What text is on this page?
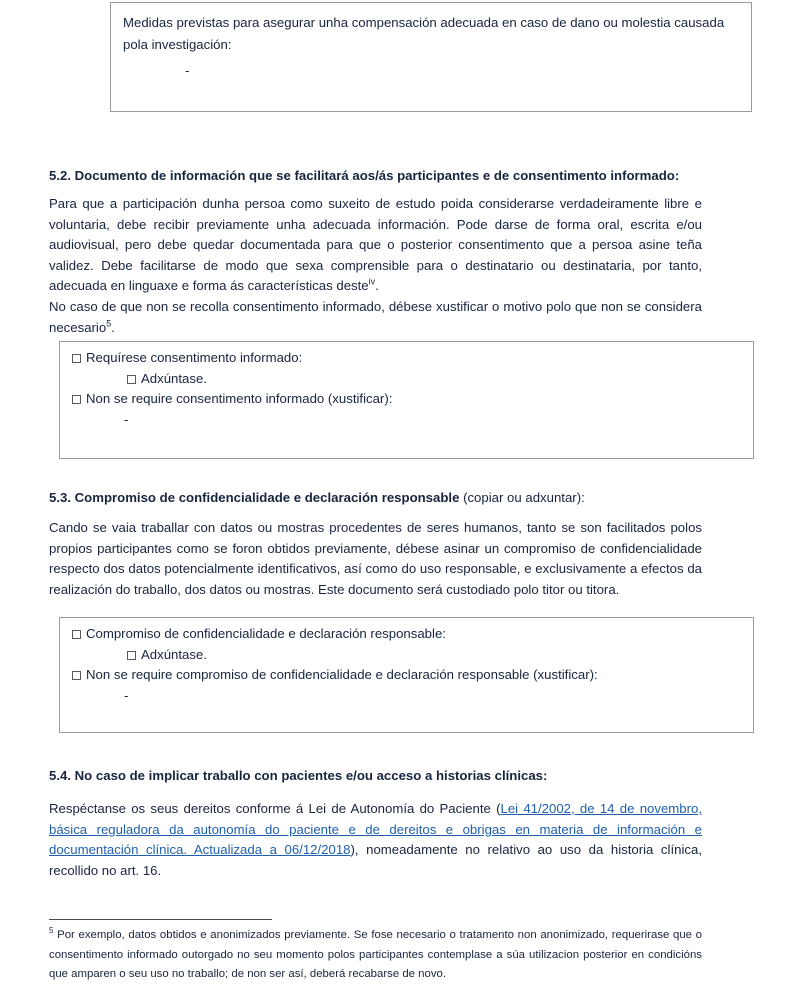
Medidas previstas para asegurar unha compensación adecuada en caso de dano ou molestia causada pola investigación:
-
5.2. Documento de información que se facilitará aos/ás participantes e de consentimento informado:
Para que a participación dunha persoa como suxeito de estudo poida considerarse verdadeiramente libre e voluntaria, debe recibir previamente unha adecuada información. Pode darse de forma oral, escrita e/ou audiovisual, pero debe quedar documentada para que o posterior consentimento que a persoa asine teña validez. Debe facilitarse de modo que sexa comprensible para o destinatario ou destinataria, por tanto, adecuada en linguaxe e forma ás características deste$^{iv}$.
No caso de que non se recolla consentimento informado, débese xustificar o motivo polo que non se considera necesario$^5$.
Requírese consentimento informado:
Adxúntase.
Non se require consentimento informado (xustificar):
-
5.3. Compromiso de confidencialidade e declaración responsable (copiar ou adxuntar):
Cando se vaia traballar con datos ou mostras procedentes de seres humanos, tanto se son facilitados polos propios participantes como se foron obtidos previamente, débese asinar un compromiso de confidencialidade respecto dos datos potencialmente identificativos, así como do uso responsable, e exclusivamente a efectos da realización do traballo, dos datos ou mostras. Este documento será custodiado polo titor ou titora.
Compromiso de confidencialidade e declaración responsable:
Adxúntase.
Non se require compromiso de confidencialidade e declaración responsable (xustificar):
-
5.4. No caso de implicar traballo con pacientes e/ou acceso a historias clínicas:
Respéctanse os seus dereitos conforme á Lei de Autonomía do Paciente (Lei 41/2002, de 14 de novembro, básica reguladora da autonomía do paciente e de dereitos e obrigas en materia de información e documentación clínica. Actualizada a 06/12/2018), nomeadamente no relativo ao uso da historia clínica, recollido no art. 16.
$^5$ Por exemplo, datos obtidos e anonimizados previamente. Se fose necesario o tratamento non anonimizado, requerirase que o consentimento informado outorgado no seu momento polos participantes contemplase a súa utilizacion posterior en condicións que amparen o seu uso no traballo; de non ser así, deberá recabarse de novo.
